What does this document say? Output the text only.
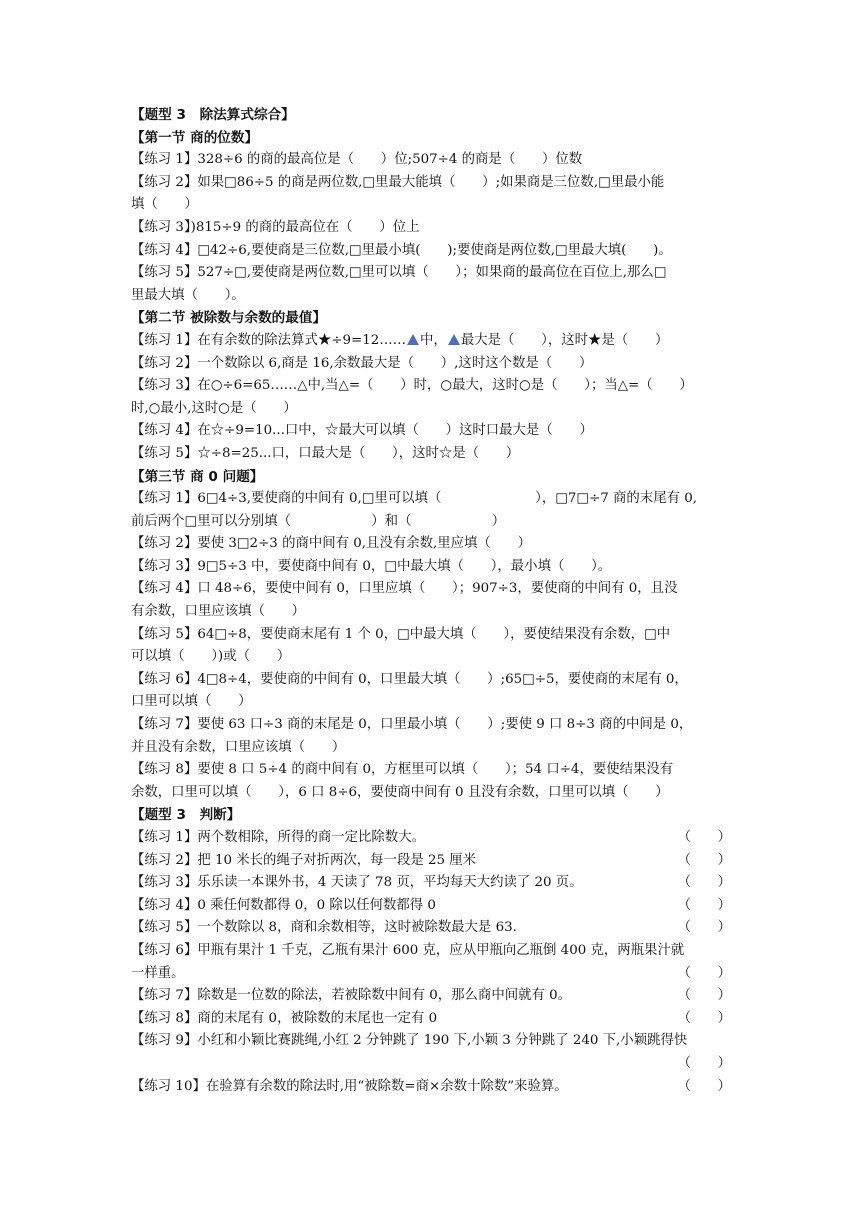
【题型 3　除法算式综合】
【第一节 商的位数】
【练习 1】328÷6 的商的最高位是（　　）位;507÷4 的商是（　　）位数
【练习 2】如果□86÷5 的商是两位数,□里最大能填（　　）;如果商是三位数,□里最小能
填（　　）
【练习 3】)815÷9 的商的最高位在（　　）位上
【练习 4】□42÷6,要使商是三位数,□里最小填(　　);要使商是两位数,□里最大填(　　)。
【练习 5】527÷□,要使商是两位数,□里可以填（　　）；如果商的最高位在百位上,那么□
里最大填（　　）。
【第二节 被除数与余数的最值】
【练习 1】在有余数的除法算式★÷9=12…… 中， 最大是（　　），这时★是（　　）
【练习 2】一个数除以 6,商是 16,余数最大是（　　）,这时这个数是（　　）
【练习 3】在○÷6=65……△中,当△=（　　）时，○最大，这时○是（　　）；当△=（　　）
时,○最小,这时○是（　　）
【练习 4】在☆÷9=10...口中，☆最大可以填（　　）这时口最大是（　　）
【练习 5】☆÷8=25...口，口最大是（　　），这时☆是（　　）
【第三节 商 0 问题】
【练习 1】6□4÷3,要使商的中间有 0,□里可以填（　　　　　　　），□7□÷7 商的末尾有 0,
前后两个□里可以分别填（　　　　　　）和（　　　　　　）
【练习 2】要使 3□2÷3 的商中间有 0,且没有余数,里应填（　　）
【练习 3】9□5÷3 中，要使商中间有 0，□中最大填（　　），最小填（　　）。
【练习 4】口 48÷6，要使中间有 0，口里应填（　　）；907÷3，要使商的中间有 0，且没
有余数，口里应该填（　　）
【练习 5】64□÷8，要使商末尾有 1 个 0，□中最大填（　　），要使结果没有余数，□中
可以填（　　）)或（　　）
【练习 6】4□8÷4，要使商的中间有 0，口里最大填（　　）;65□÷5，要使商的末尾有 0，
口里可以填（　　）
【练习 7】要使 63 口÷3 商的末尾是 0，口里最小填（　　）;要使 9 口 8÷3 商的中间是 0，
并且没有余数，口里应该填（　　）
【练习 8】要使 8 口 5÷4 的商中间有 0，方框里可以填（　　）；54 口÷4，要使结果没有
余数，口里可以填（　　），6 口 8÷6，要使商中间有 0 且没有余数，口里可以填（　　）
【题型 3　判断】
【练习 1】两个数相除，所得的商一定比除数大。	（　　）
【练习 2】把 10 米长的绳子对折两次，每一段是 25 厘米	（　　）
【练习 3】乐乐读一本课外书，4 天读了 78 页，平均每天大约读了 20 页。	（　　）
【练习 4】0 乘任何数都得 0，0 除以任何数都得 0	（　　）
【练习 5】一个数除以 8，商和余数相等，这时被除数最大是 63.	（　　）
【练习 6】甲瓶有果汁 1 千克，乙瓶有果汁 600 克，应从甲瓶向乙瓶倒 400 克，两瓶果汁就
一样重。	（　　）
【练习 7】除数是一位数的除法，若被除数中间有 0，那么商中间就有 0。	（　　）
【练习 8】商的末尾有 0，被除数的末尾也一定有 0	（　　）
【练习 9】小红和小颖比赛跳绳,小红 2 分钟跳了 190 下,小颖 3 分钟跳了 240 下,小颖跳得快
（　　）
【练习 10】在验算有余数的除法时,用“被除数=商×余数十除数”来验算。	（　　）
